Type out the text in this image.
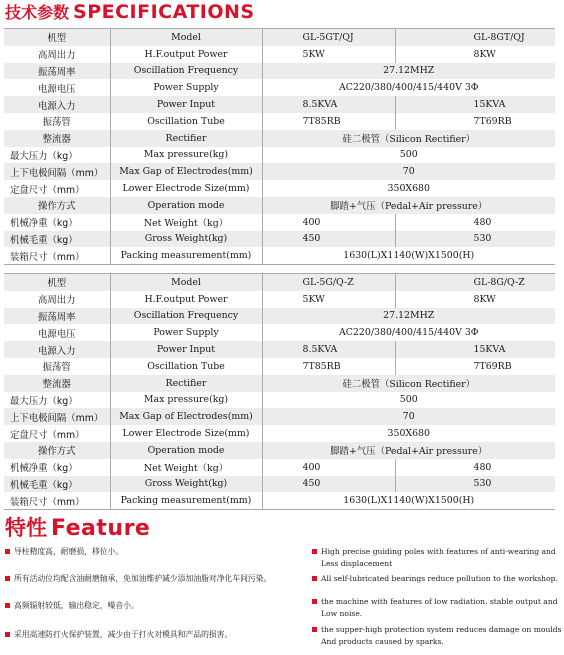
技术参数 SPECIFICATIONS
机型	Model	GL-5GT/QJ	GL-8GT/QJ
高周出力	H.F.output Power	5KW	8KW
振荡周率	Oscillation Frequency	27.12MHZ	
电源电压	Power Supply	AC220/380/400/415/440V 3Φ	
电源入力	Power Input	8.5KVA	15KVA
振荡管	Oscillation Tube	7T85RB	7T69RB
整流器	Rectifier	硅二极管（Silicon Rectifier）	
最大压力（kg）	Max pressure(kg)	500	
上下电极间隔（mm）	Max Gap of Electrodes(mm)	70	
定盘尺寸（mm）	Lower Electrode Size(mm)	350X680	
操作方式	Operation mode	脚踏+气压（Pedal+Air pressure）	
机械净重（kg）	Net Weight（kg）	400	480
机械毛重（kg）	Gross Weight(kg)	450	530
装箱尺寸（mm）	Packing measurement(mm)	1630(L)X1140(W)X1500(H)	
机型	Model	GL-5G/Q-Z	GL-8G/Q-Z
高周出力	H.F.output Power	5KW	8KW
振荡周率	Oscillation Frequency	27.12MHZ	
电源电压	Power Supply	AC220/380/400/415/440V 3Φ	
电源入力	Power Input	8.5KVA	15KVA
振荡管	Oscillation Tube	7T85RB	7T69RB
整流器	Rectifier	硅二极管（Silicon Rectifier）	
最大压力（kg）	Max pressure(kg)	500	
上下电极间隔（mm）	Max Gap of Electrodes(mm)	70	
定盘尺寸（mm）	Lower Electrode Size(mm)	350X680	
操作方式	Operation mode	脚踏+气压（Pedal+Air pressure）	
机械净重（kg）	Net Weight（kg）	400	480
机械毛重（kg）	Gross Weight(kg)	450	530
装箱尺寸（mm）	Packing measurement(mm)	1630(L)X1140(W)X1500(H)	
特性 Feature
导柱精度高，耐磨损，移位小。
所有活动位均配含油耐磨轴承，免加油维护减少添加油脂对净化车间污染。
高频辐射较低，输出稳定，噪音小。
采用高速防打火保护装置，减少由于打火对模具和产品的损害。
High precise guiding poles with features of anti-wearing and Less displacement
All self-lubricated bearings reduce pollution to the workshop.
the machine with features of low radiation, stable output and Low noise.
the supper-high protection system reduces damage on moulds And products caused by sparks.
